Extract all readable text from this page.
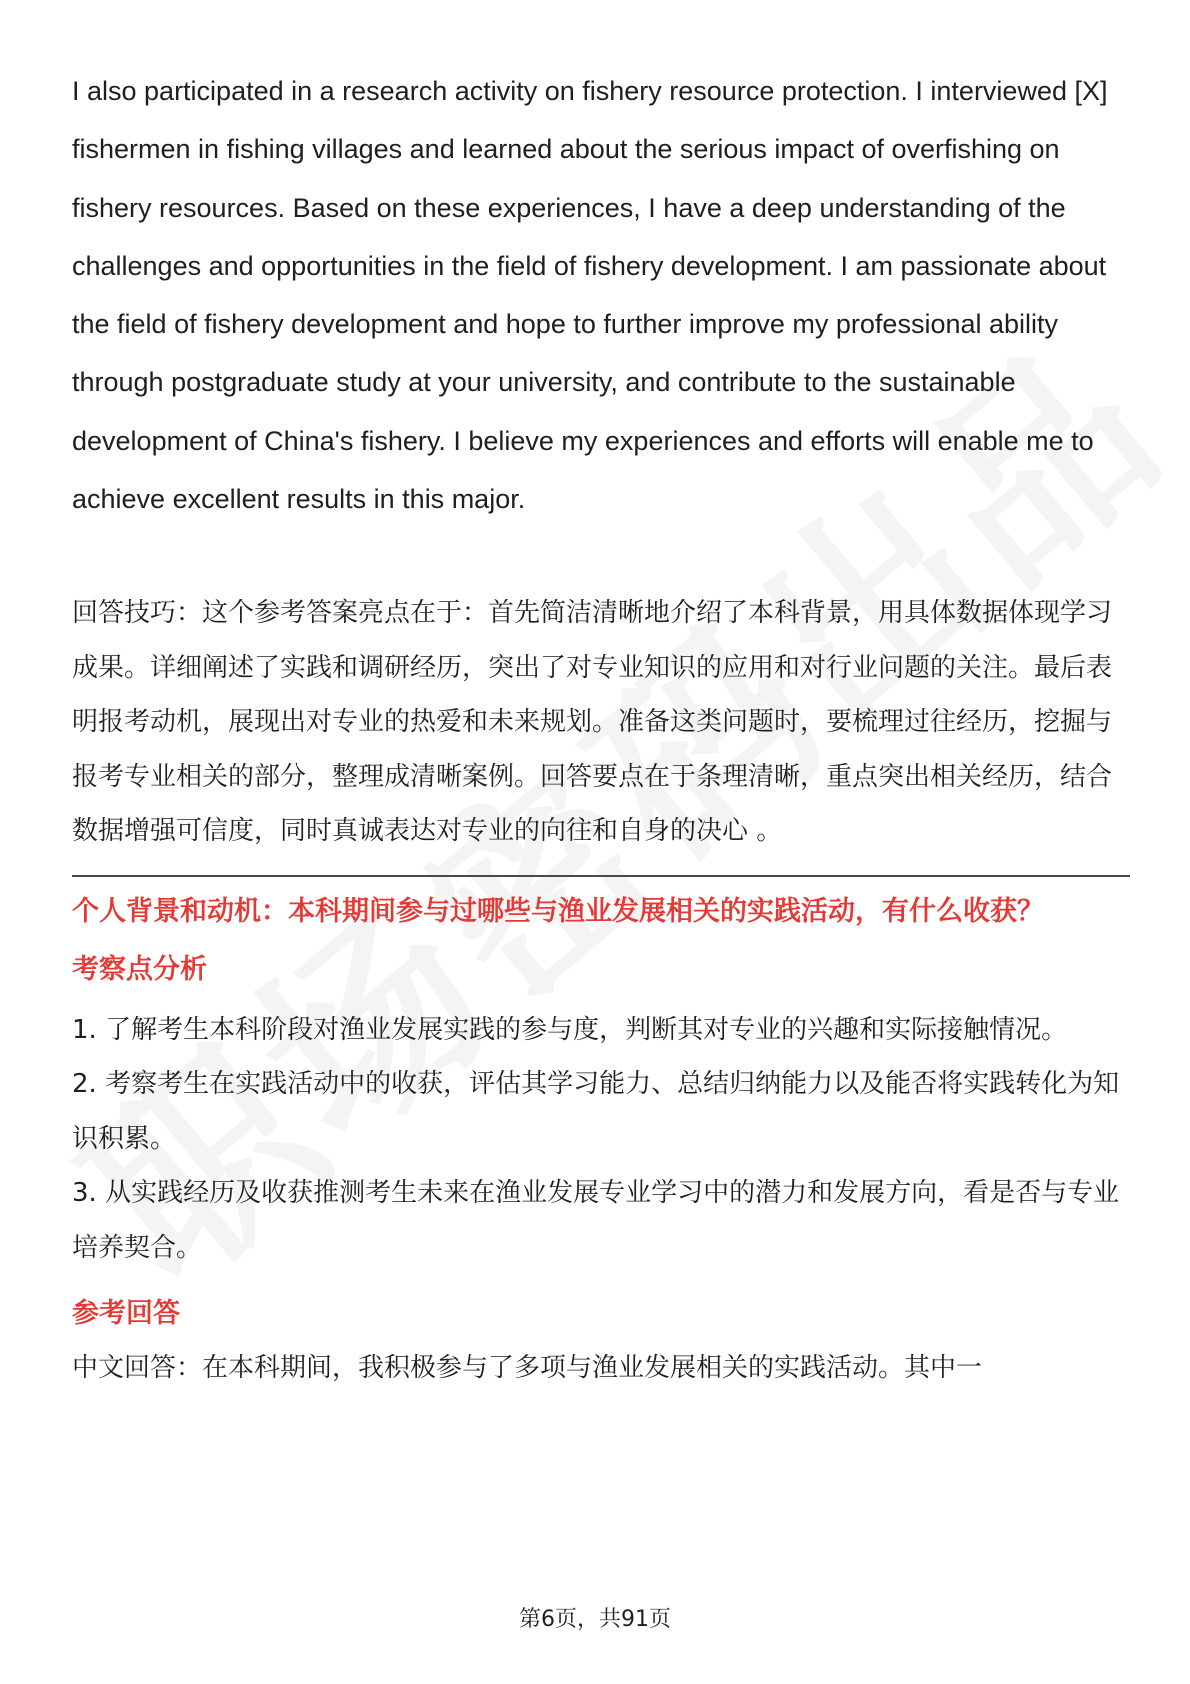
I also participated in a research activity on fishery resource protection. I interviewed [X] fishermen in fishing villages and learned about the serious impact of overfishing on fishery resources. Based on these experiences, I have a deep understanding of the challenges and opportunities in the field of fishery development. I am passionate about the field of fishery development and hope to further improve my professional ability through postgraduate study at your university, and contribute to the sustainable development of China's fishery. I believe my experiences and efforts will enable me to achieve excellent results in this major.

回答技巧：这个参考答案亮点在于：首先简洁清晰地介绍了本科背景，用具体数据体现学习成果。详细阐述了实践和调研经历，突出了对专业知识的应用和对行业问题的关注。最后表明报考动机，展现出对专业的热爱和未来规划。准备这类问题时，要梳理过往经历，挖掘与报考专业相关的部分，整理成清晰案例。回答要点在于条理清晰，重点突出相关经历，结合数据增强可信度，同时真诚表达对专业的向往和自身的决心 。

个人背景和动机：本科期间参与过哪些与渔业发展相关的实践活动，有什么收获？

考察点分析

1. 了解考生本科阶段对渔业发展实践的参与度，判断其对专业的兴趣和实际接触情况。
2. 考察考生在实践活动中的收获，评估其学习能力、总结归纳能力以及能否将实践转化为知识积累。
3. 从实践经历及收获推测考生未来在渔业发展专业学习中的潜力和发展方向，看是否与专业培养契合。

参考回答

中文回答：在本科期间，我积极参与了多项与渔业发展相关的实践活动。其中一

第6页，共91页
